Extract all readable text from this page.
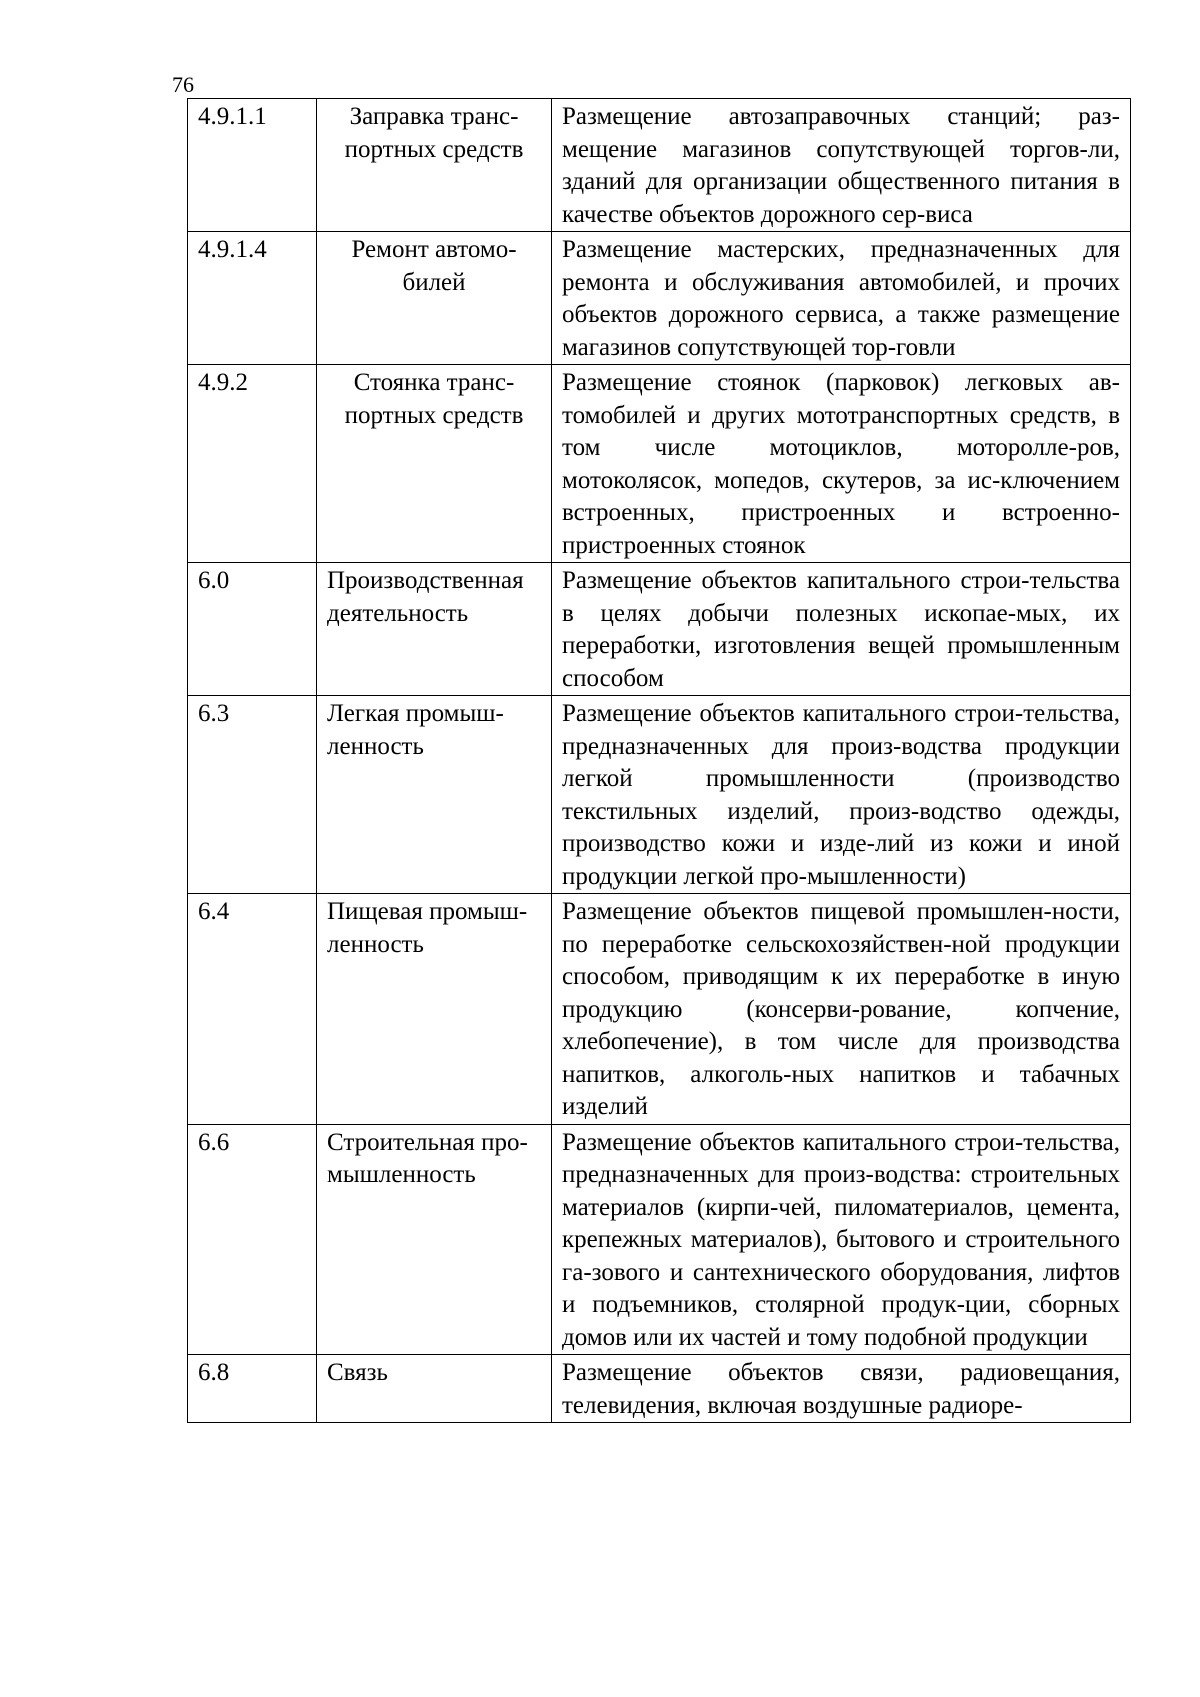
76
4.9.1.1	Заправка транс-портных средств	Размещение автозаправочных станций; раз-мещение магазинов сопутствующей торгов-ли, зданий для организации общественного питания в качестве объектов дорожного сер-виса
4.9.1.4	Ремонт автомо-билей	Размещение мастерских, предназначенных для ремонта и обслуживания автомобилей, и прочих объектов дорожного сервиса, а также размещение магазинов сопутствующей тор-говли
4.9.2	Стоянка транс-портных средств	Размещение стоянок (парковок) легковых ав-томобилей и других мототранспортных средств, в том числе мотоциклов, мотороллe-ров, мотоколясок, мопедов, скутеров, за ис-ключением встроенных, пристроенных и встроенно-пристроенных стоянок
6.0	Производственная деятельность	Размещение объектов капитального строи-тельства в целях добычи полезных ископае-мых, их переработки, изготовления вещей промышленным способом
6.3	Легкая промыш-ленность	Размещение объектов капитального строи-тельства, предназначенных для произ-водства продукции легкой промышленности (производство текстильных изделий, произ-водство одежды, производство кожи и изде-лий из кожи и иной продукции легкой про-мышленности)
6.4	Пищевая промыш-ленность	Размещение объектов пищевой промышлен-ности, по переработке сельскохозяйствен-ной продукции способом, приводящим к их переработке в иную продукцию (консерви-рование, копчение, хлебопечение), в том числе для производства напитков, алкоголь-ных напитков и табачных изделий
6.6	Строительная про-мышленность	Размещение объектов капитального строи-тельства, предназначенных для произ-водства: строительных материалов (кирпи-чей, пиломатериалов, цемента, крепежных материалов), бытового и строительного га-зового и сантехнического оборудования, лифтов и подъемников, столярной продук-ции, сборных домов или их частей и тому подобной продукции
6.8	Связь	Размещение объектов связи, радиовещания, телевидения, включая воздушные радиоре-
